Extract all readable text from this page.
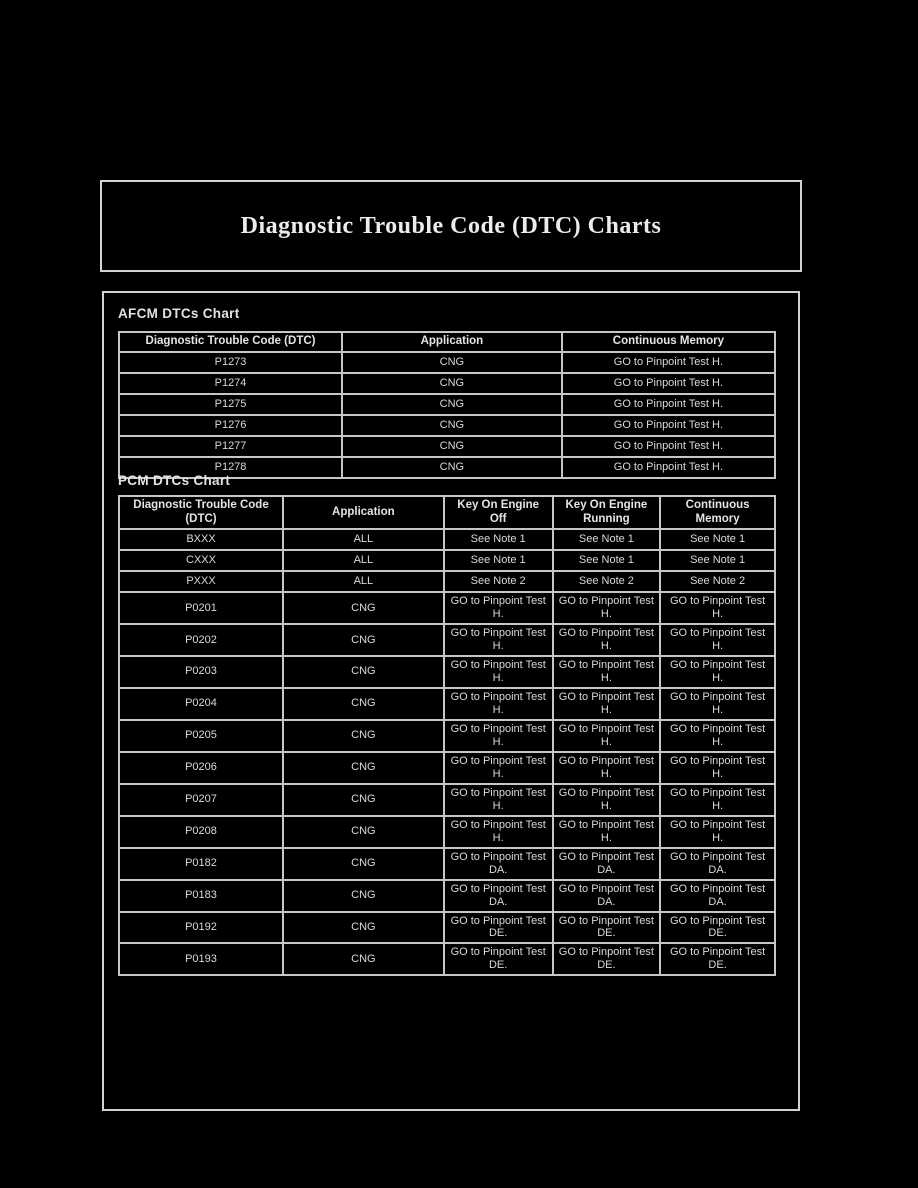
Diagnostic Trouble Code (DTC) Charts
AFCM DTCs Chart
Diagnostic Trouble Code (DTC)	Application	Continuous Memory
P1273	CNG	GO to Pinpoint Test H.
P1274	CNG	GO to Pinpoint Test H.
P1275	CNG	GO to Pinpoint Test H.
P1276	CNG	GO to Pinpoint Test H.
P1277	CNG	GO to Pinpoint Test H.
P1278	CNG	GO to Pinpoint Test H.
PCM DTCs Chart
Diagnostic Trouble Code (DTC)	Application	Key On Engine Off	Key On Engine Running	Continuous Memory
BXXX	ALL	See Note 1	See Note 1	See Note 1
CXXX	ALL	See Note 1	See Note 1	See Note 1
PXXX	ALL	See Note 2	See Note 2	See Note 2
P0201	CNG	GO to Pinpoint Test H.	GO to Pinpoint Test H.	GO to Pinpoint Test H.
P0202	CNG	GO to Pinpoint Test H.	GO to Pinpoint Test H.	GO to Pinpoint Test H.
P0203	CNG	GO to Pinpoint Test H.	GO to Pinpoint Test H.	GO to Pinpoint Test H.
P0204	CNG	GO to Pinpoint Test H.	GO to Pinpoint Test H.	GO to Pinpoint Test H.
P0205	CNG	GO to Pinpoint Test H.	GO to Pinpoint Test H.	GO to Pinpoint Test H.
P0206	CNG	GO to Pinpoint Test H.	GO to Pinpoint Test H.	GO to Pinpoint Test H.
P0207	CNG	GO to Pinpoint Test H.	GO to Pinpoint Test H.	GO to Pinpoint Test H.
P0208	CNG	GO to Pinpoint Test H.	GO to Pinpoint Test H.	GO to Pinpoint Test H.
P0182	CNG	GO to Pinpoint Test DA.	GO to Pinpoint Test DA.	GO to Pinpoint Test DA.
P0183	CNG	GO to Pinpoint Test DA.	GO to Pinpoint Test DA.	GO to Pinpoint Test DA.
P0192	CNG	GO to Pinpoint Test DE.	GO to Pinpoint Test DE.	GO to Pinpoint Test DE.
P0193	CNG	GO to Pinpoint Test DE.	GO to Pinpoint Test DE.	GO to Pinpoint Test DE.
